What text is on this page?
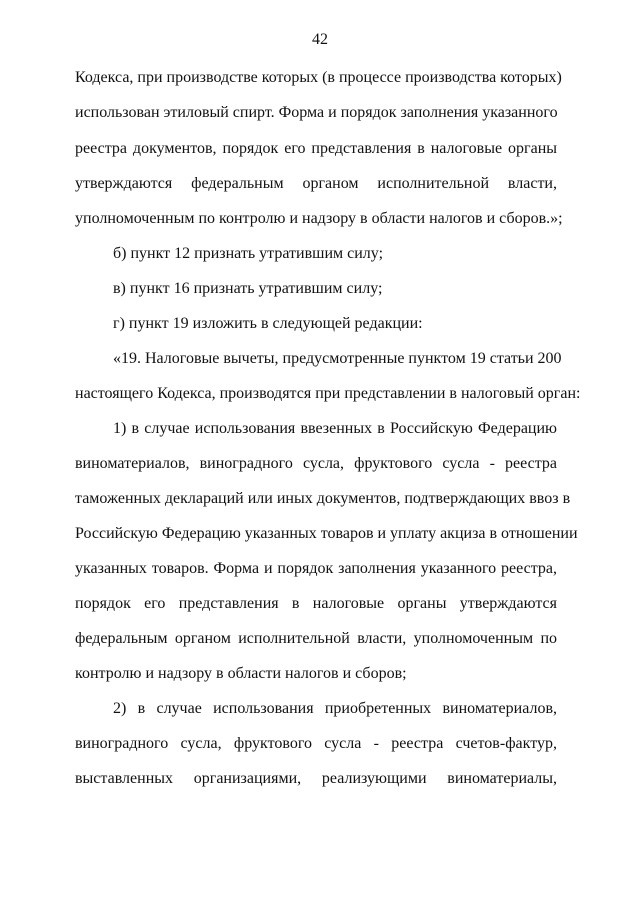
42
Кодекса, при производстве которых (в процессе производства которых)
использован этиловый спирт. Форма и порядок заполнения указанного
реестра документов, порядок его представления в налоговые органы
утверждаются федеральным органом исполнительной власти,
уполномоченным по контролю и надзору в области налогов и сборов.»;
б) пункт 12 признать утратившим силу;
в) пункт 16 признать утратившим силу;
г) пункт 19 изложить в следующей редакции:
«19. Налоговые вычеты, предусмотренные пунктом 19 статьи 200
настоящего Кодекса, производятся при представлении в налоговый орган:
1) в случае использования ввезенных в Российскую Федерацию
виноматериалов, виноградного сусла, фруктового сусла - реестра
таможенных деклараций или иных документов, подтверждающих ввоз в
Российскую Федерацию указанных товаров и уплату акциза в отношении
указанных товаров. Форма и порядок заполнения указанного реестра,
порядок его представления в налоговые органы утверждаются
федеральным органом исполнительной власти, уполномоченным по
контролю и надзору в области налогов и сборов;
2) в случае использования приобретенных виноматериалов,
виноградного сусла, фруктового сусла - реестра счетов-фактур,
выставленных организациями, реализующими виноматериалы,
